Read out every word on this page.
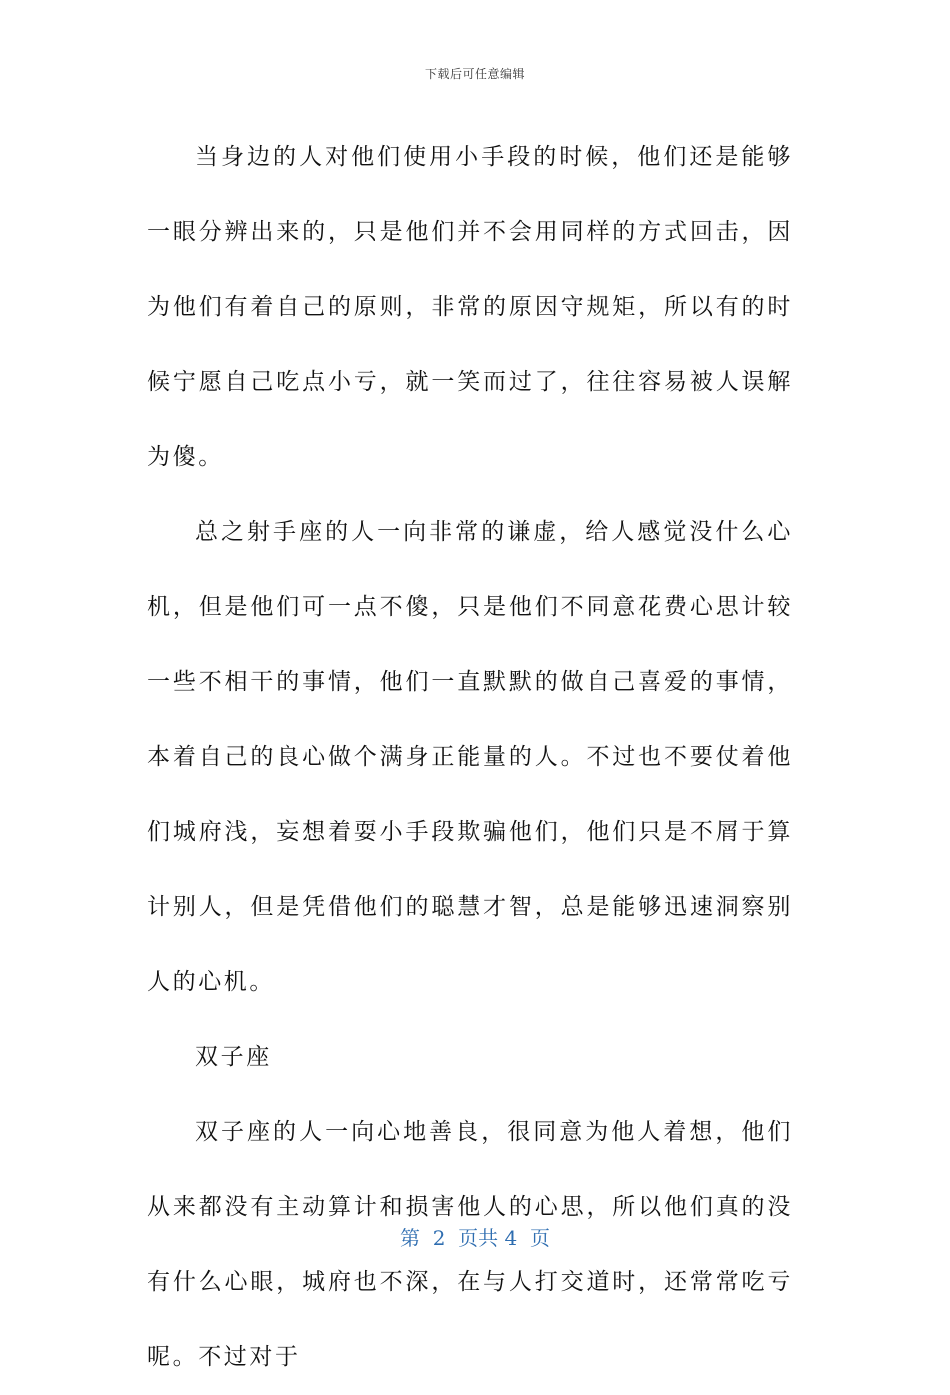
下载后可任意编辑

当身边的人对他们使用小手段的时候，他们还是能够一眼分辨出来的，只是他们并不会用同样的方式回击，因为他们有着自己的原则，非常的原因守规矩，所以有的时候宁愿自己吃点小亏，就一笑而过了，往往容易被人误解为傻。

总之射手座的人一向非常的谦虚，给人感觉没什么心机，但是他们可一点不傻，只是他们不同意花费心思计较一些不相干的事情，他们一直默默的做自己喜爱的事情，本着自己的良心做个满身正能量的人。不过也不要仗着他们城府浅，妄想着耍小手段欺骗他们，他们只是不屑于算计别人，但是凭借他们的聪慧才智，总是能够迅速洞察别人的心机。

双子座

双子座的人一向心地善良，很同意为他人着想，他们从来都没有主动算计和损害他人的心思，所以他们真的没有什么心眼，城府也不深，在与人打交道时，还常常吃亏呢。不过对于

第  2  页共 4  页
